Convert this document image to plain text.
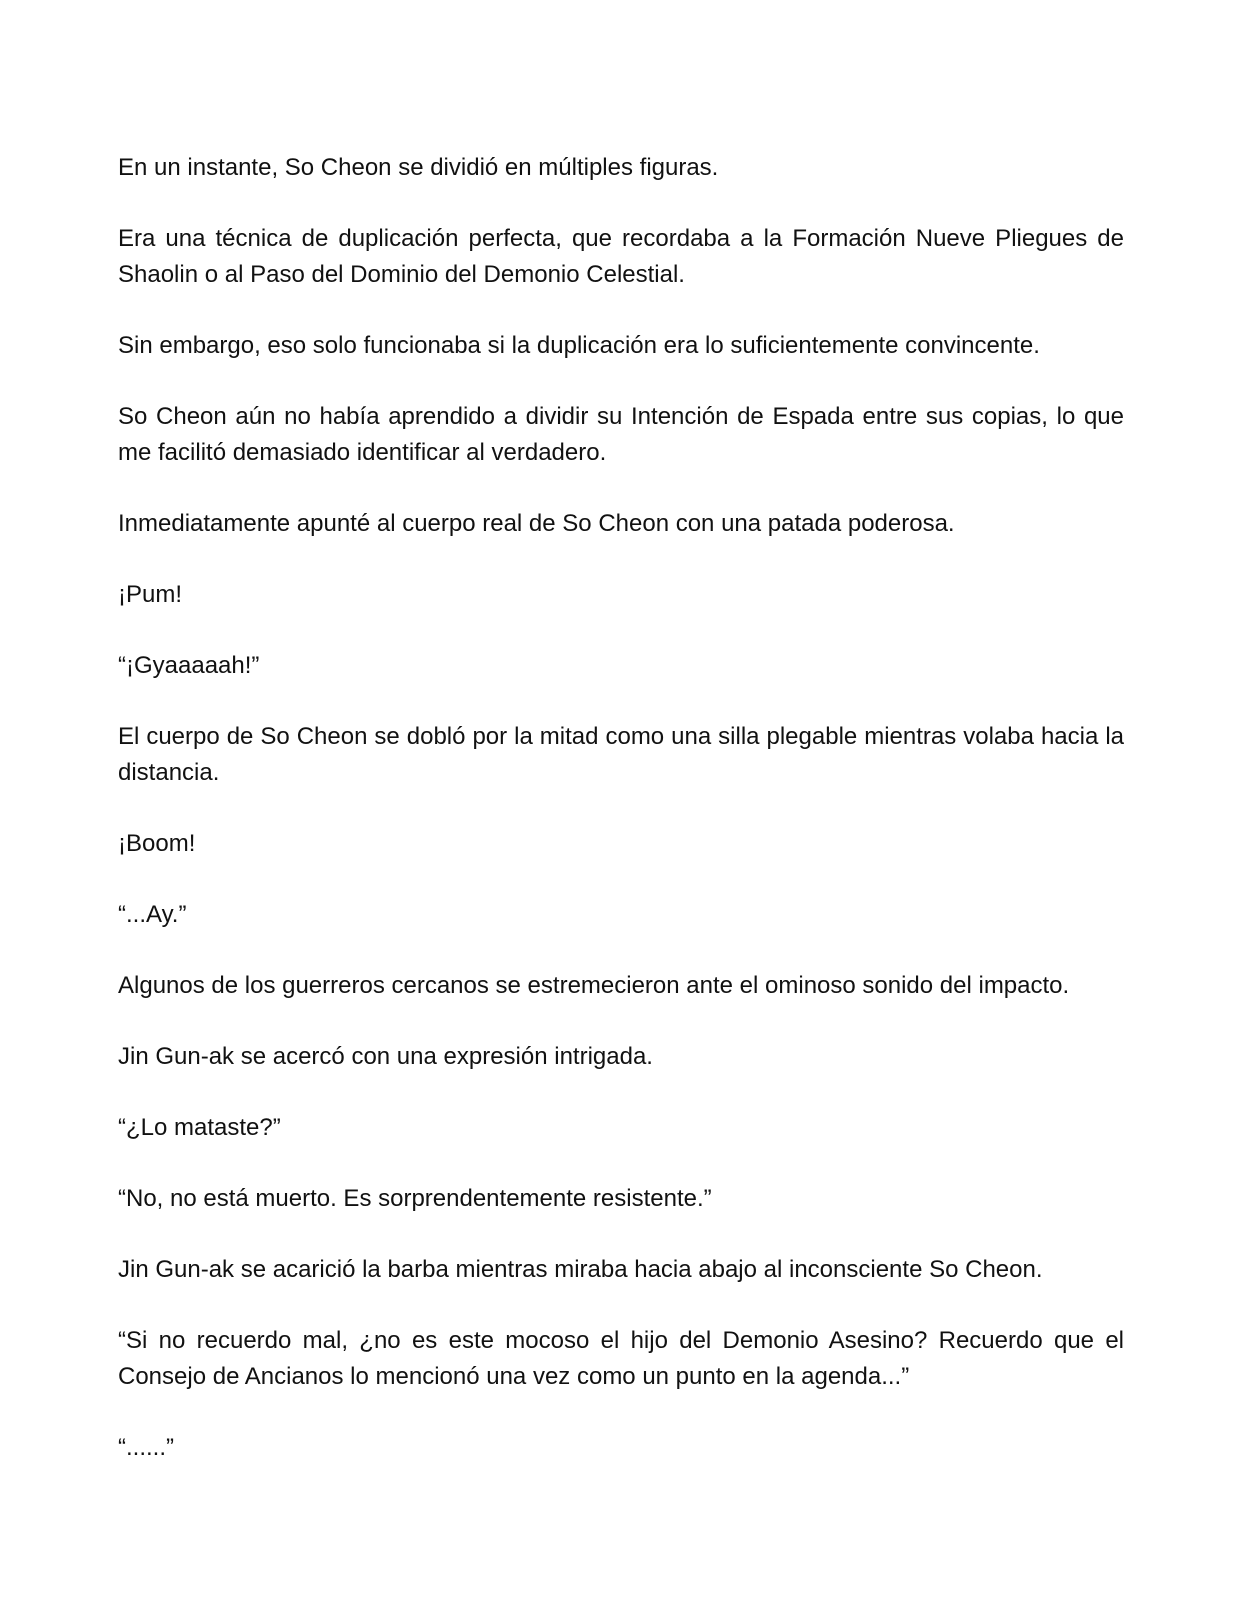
En un instante, So Cheon se dividió en múltiples figuras.

Era una técnica de duplicación perfecta, que recordaba a la Formación Nueve Pliegues de Shaolin o al Paso del Dominio del Demonio Celestial.

Sin embargo, eso solo funcionaba si la duplicación era lo suficientemente convincente.

So Cheon aún no había aprendido a dividir su Intención de Espada entre sus copias, lo que me facilitó demasiado identificar al verdadero.

Inmediatamente apunté al cuerpo real de So Cheon con una patada poderosa.

¡Pum!

“¡Gyaaaaah!”

El cuerpo de So Cheon se dobló por la mitad como una silla plegable mientras volaba hacia la distancia.

¡Boom!

“...Ay.”

Algunos de los guerreros cercanos se estremecieron ante el ominoso sonido del impacto.

Jin Gun-ak se acercó con una expresión intrigada.

“¿Lo mataste?”

“No, no está muerto. Es sorprendentemente resistente.”

Jin Gun-ak se acarició la barba mientras miraba hacia abajo al inconsciente So Cheon.

“Si no recuerdo mal, ¿no es este mocoso el hijo del Demonio Asesino? Recuerdo que el Consejo de Ancianos lo mencionó una vez como un punto en la agenda...”

“......”
